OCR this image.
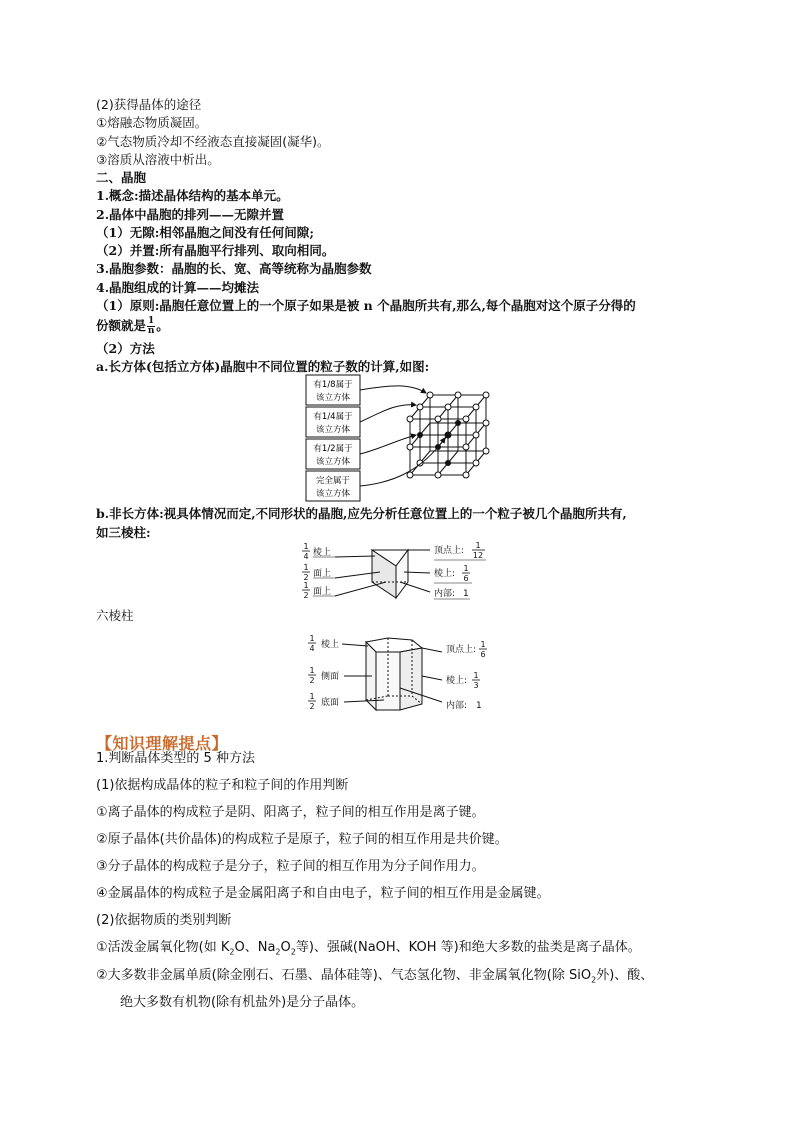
(2)获得晶体的途径
①熔融态物质凝固。
②气态物质冷却不经液态直接凝固(凝华)。
③溶质从溶液中析出。
二、晶胞
1.概念:描述晶体结构的基本单元。
2.晶体中晶胞的排列——无隙并置
（1）无隙:相邻晶胞之间没有任何间隙;
（2）并置:所有晶胞平行排列、取向相同。
3.晶胞参数：晶胞的长、宽、高等统称为晶胞参数
4.晶胞组成的计算——均摊法
（1）原则:晶胞任意位置上的一个原子如果是被 n 个晶胞所共有,那么,每个晶胞对这个原子分得的
份额就是 $\frac{1}{n}$ 。
（2）方法
a.长方体(包括立方体)晶胞中不同位置的粒子数的计算,如图:
有1/8属于
该立方体
有1/4属于
该立方体
有1/2属于
该立方体
完全属于
该立方体
b.非长方体:视具体情况而定,不同形状的晶胞,应先分析任意位置上的一个粒子被几个晶胞所共有,
如三棱柱:
1
4 棱上
1
2 面上
1
2 面上
顶点上:
1
12
棱上:
1
6
内部: 1
六棱柱
1
4 棱上
1
2 侧面
1
2 底面
顶点上:
1
6
棱上:
1
3
内部: 1
【知识理解提点】
1.判断晶体类型的 5 种方法
(1)依据构成晶体的粒子和粒子间的作用判断
①离子晶体的构成粒子是阴、阳离子，粒子间的相互作用是离子键。
②原子晶体(共价晶体)的构成粒子是原子，粒子间的相互作用是共价键。
③分子晶体的构成粒子是分子，粒子间的相互作用为分子间作用力。
④金属晶体的构成粒子是金属阳离子和自由电子，粒子间的相互作用是金属键。
(2)依据物质的类别判断
①活泼金属氧化物(如 $K_2O$、$Na_2O_2$等)、强碱(NaOH、KOH 等)和绝大多数的盐类是离子晶体。
②大多数非金属单质(除金刚石、石墨、晶体硅等)、气态氢化物、非金属氧化物(除 SiO$_2$外)、酸、
绝大多数有机物(除有机盐外)是分子晶体。
